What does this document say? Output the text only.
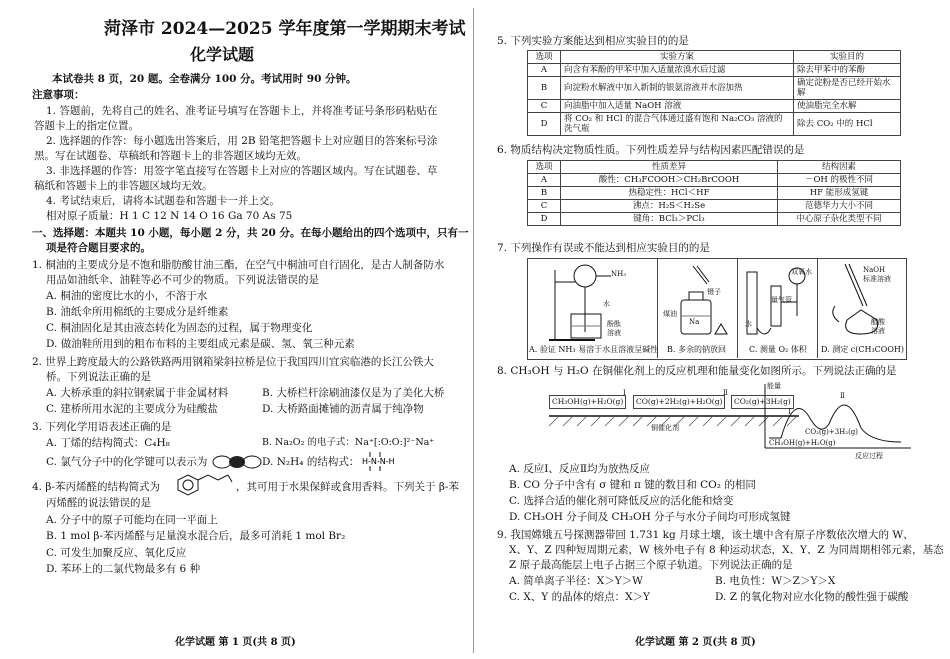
菏泽市 2024—2025 学年度第一学期期末考试
化学试题
本试卷共 8 页，20 题。全卷满分 100 分。考试用时 90 分钟。
注意事项：
1. 答题前，先将自己的姓名、准考证号填写在答题卡上，并将准考证号条形码粘贴在
答题卡上的指定位置。
2. 选择题的作答：每小题选出答案后，用 2B 铅笔把答题卡上对应题目的答案标号涂
黑。写在试题卷、草稿纸和答题卡上的非答题区域均无效。
3. 非选择题的作答：用签字笔直接写在答题卡上对应的答题区域内。写在试题卷、草
稿纸和答题卡上的非答题区域均无效。
4. 考试结束后，请将本试题卷和答题卡一并上交。
相对原子质量：H 1 C 12 N 14 O 16 Ga 70 As 75
一、选择题：本题共 10 小题，每小题 2 分，共 20 分。在每小题给出的四个选项中，只有一
项是符合题目要求的。
1. 桐油的主要成分是不饱和脂肪酸甘油三酯，在空气中桐油可自行固化，是古人制备防水
用品如油纸伞、油鞋等必不可少的物质。下列说法错误的是
A. 桐油的密度比水的小，不溶于水
B. 油纸伞所用棉纸的主要成分是纤维素
C. 桐油固化是其由液态转化为固态的过程，属于物理变化
D. 做油鞋所用到的粗布布料的主要组成元素是碳、氢、氧三种元素
2. 世界上跨度最大的公路铁路两用钢箱梁斜拉桥是位于我国四川宜宾临港的长江公铁大
桥。下列说法正确的是
A. 大桥承重的斜拉钢索属于非金属材料	B. 大桥栏杆涂刷油漆仅是为了美化大桥
C. 建桥所用水泥的主要成分为硅酸盐	D. 大桥路面摊铺的沥青属于纯净物
3. 下列化学用语表述正确的是
A. 丁烯的结构简式：C₄H₈	B. Na₂O₂ 的电子式：Na⁺[:O:O:]²⁻Na⁺
C. 氯气分子中的化学键可以表示为	D. N₂H₄ 的结构式： H-N-N-H
4. β-苯丙烯醛的结构简式为	，其可用于水果保鲜或食用香料。下列关于 β-苯
丙烯醛的说法错误的是
A. 分子中的原子可能均在同一平面上
B. 1 mol β-苯丙烯醛与足量溴水混合后，最多可消耗 1 mol Br₂
C. 可发生加聚反应、氧化反应
D. 苯环上的二氯代物最多有 6 种
化学试题 第 1 页(共 8 页)
5. 下列实验方案能达到相应实验目的的是
选项	实验方案	实验目的
A	向含有苯酚的甲苯中加入适量浓溴水后过滤	除去甲苯中的苯酚
B	向淀粉水解液中加入新制的银氨溶液并水浴加热	确定淀粉是否已经开始水解
C	向油脂中加入适量 NaOH 溶液	使油脂完全水解
D	将 CO₂ 和 HCl 的混合气体通过盛有饱和 Na₂CO₃ 溶液的洗气瓶	除去 CO₂ 中的 HCl
6. 物质结构决定物质性质。下列性质差异与结构因素匹配错误的是
选项	性质差异	结构因素
A	酸性：CH₃FCOOH＞CH₂BrCOOH	－OH 的极性不同
B	热稳定性：HCl＜HF	HF 能形成氢键
C	沸点：H₂S＜H₂Se	范德华力大小不同
D	键角：BCl₃＞PCl₃	中心原子杂化类型不同
7. 下列操作有误或不能达到相应实验目的的是
NH₃
水
酚酞
溶液
A. 验证 NH₃ 易溶于水且溶液呈碱性
镊子
煤油
Na
B. 多余的钠放回
水
量气管
双氧水
C. 测量 O₂ 体积
NaOH
标准溶液
醋酸
溶液
D. 测定 c(CH₃COOH)
8. CH₃OH 与 H₂O 在铜催化剂上的反应机理和能量变化如图所示。下列说法正确的是
CH₃OH(g)+H₂O(g)	CO(g)+2H₂(g)+H₂O(g)	CO₂(g)+3H₂(g)
Ⅰ	Ⅱ
铜催化剂
能量
Ⅰ
Ⅱ
CO₂(g)+3H₂(g)
CH₃OH(g)+H₂O(g)
反应过程
A. 反应Ⅰ、反应Ⅱ均为放热反应
B. CO 分子中含有 σ 键和 π 键的数目和 CO₂ 的相同
C. 选择合适的催化剂可降低反应的活化能和焓变
D. CH₃OH 分子间及 CH₃OH 分子与水分子间均可形成氢键
9. 我国嫦娥五号探测器带回 1.731 kg 月球土壤，该土壤中含有原子序数依次增大的 W、
X、Y、Z 四种短周期元素，W 核外电子有 8 种运动状态，X、Y、Z 为同周期相邻元素，基态
Z 原子最高能层上电子占据三个原子轨道。下列说法正确的是
A. 简单离子半径：X＞Y＞W	B. 电负性：W＞Z＞Y＞X
C. X、Y 的晶体的熔点：X＞Y	D. Z 的氧化物对应水化物的酸性强于碳酸
化学试题 第 2 页(共 8 页)
